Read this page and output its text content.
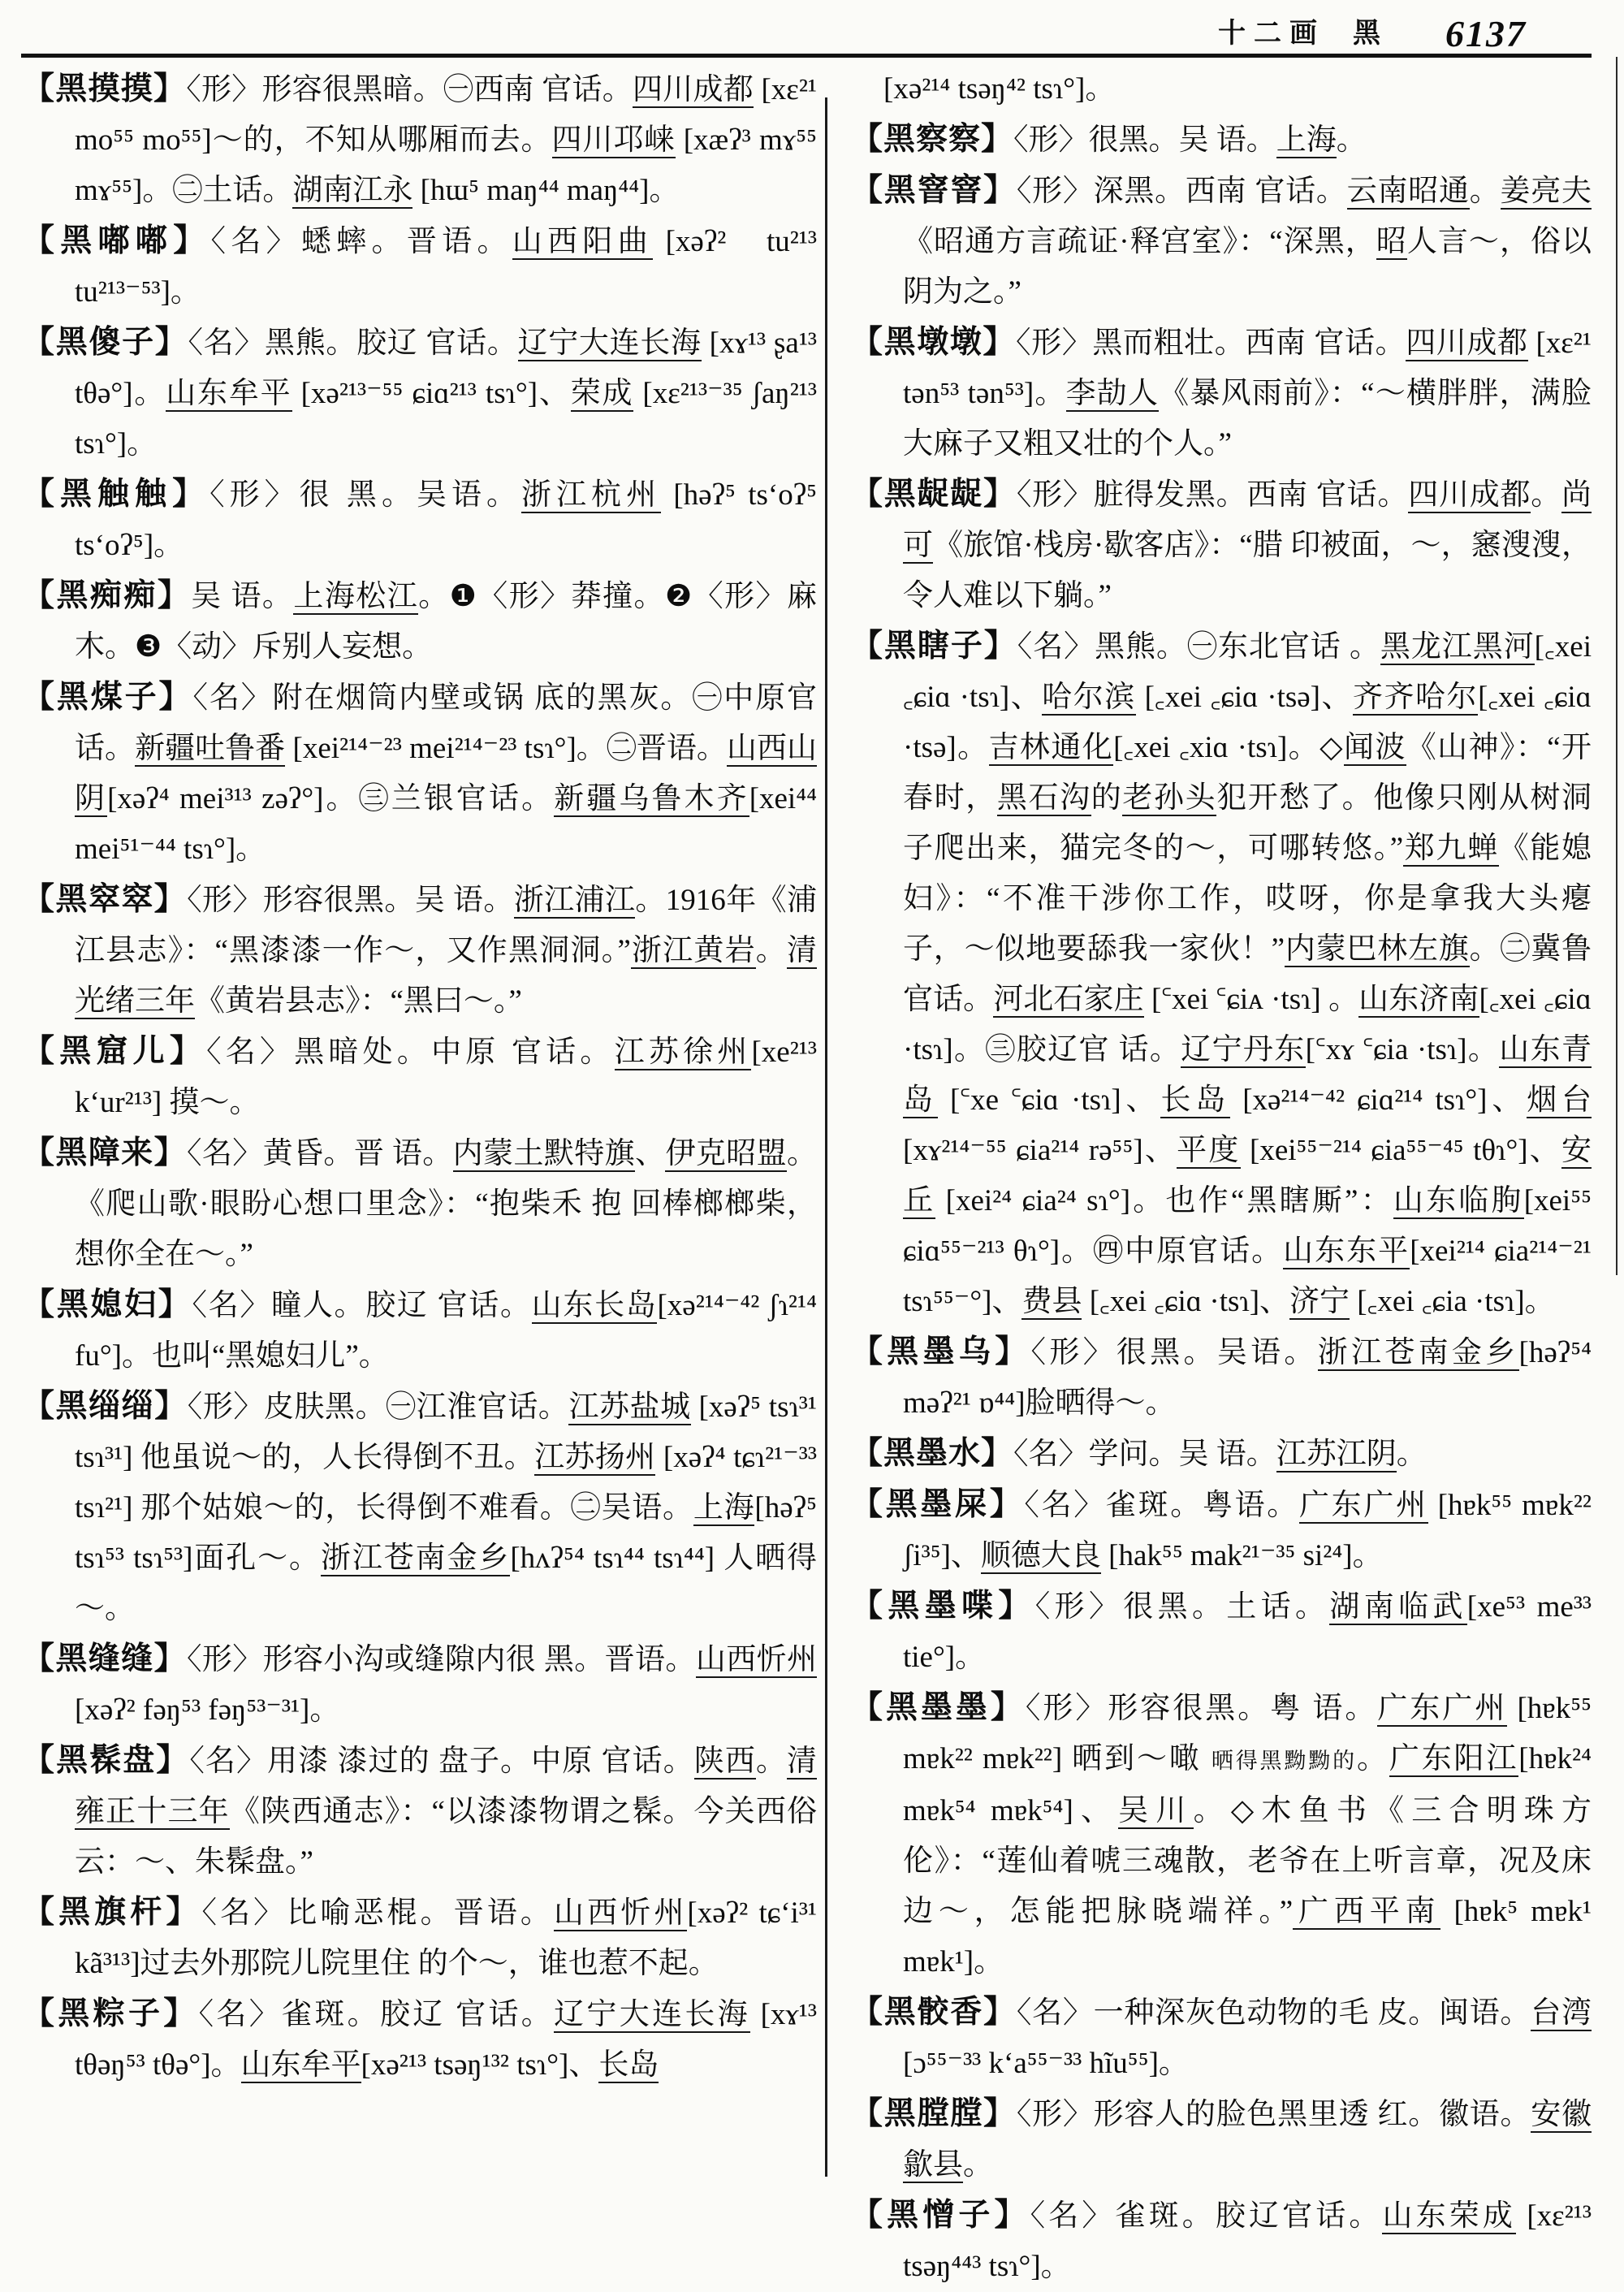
十二画 黑 6137

【黑摸摸】〈形〉形容很黑暗。㊀西南 官话。四川成都 [xε²¹ mo⁵⁵ mo⁵⁵]～的，不知从哪厢而去。四川邛崃 [xæʔ³ mɤ⁵⁵ mɤ⁵⁵]。㊁土话。湖南江永 [hɯ⁵ maŋ⁴⁴ maŋ⁴⁴]。

【黑嘟嘟】〈名〉蟋蟀。晋语。山西阳曲 [xəʔ²　tu²¹³ tu²¹³⁻⁵³]。

【黑傻子】〈名〉黑熊。胶辽 官话。辽宁大连长海 [xɤ¹³ ʂa¹³ tθə°]。山东牟平 [xə²¹³⁻⁵⁵ ɕiɑ²¹³ tsɿ°]、荣成 [xε²¹³⁻³⁵ ʃaŋ²¹³ tsɿ°]。

【黑触触】〈形〉很 黑。吴语。浙江杭州 [həʔ⁵ tsʻoʔ⁵ tsʻoʔ⁵]。

【黑痴痴】吴 语。上海松江。❶〈形〉莽撞。❷〈形〉麻木。❸〈动〉斥别人妄想。

【黑煤子】〈名〉附在烟筒内壁或锅 底的黑灰。㊀中原官话。新疆吐鲁番 [xei²¹⁴⁻²³ mei²¹⁴⁻²³ tsɿ°]。㊁晋语。山西山阴[xəʔ⁴ mei³¹³ zəʔ°]。㊂兰银官话。新疆乌鲁木齐[xei⁴⁴ mei⁵¹⁻⁴⁴ tsɿ°]。

【黑窣窣】〈形〉形容很黑。吴 语。浙江浦江。1916年《浦江县志》：“黑漆漆一作～，又作黑洞洞。”浙江黄岩。清光绪三年《黄岩县志》：“黑曰～。”

【黑窟儿】〈名〉黑暗处。中原 官话。江苏徐州[xe²¹³ kʻur²¹³] 摸～。

【黑障来】〈名〉黄昏。晋 语。内蒙土默特旗、伊克昭盟。《爬山歌·眼盼心想口里念》：“抱柴禾 抱 回棒榔榔柴，想你全在～。”

【黑媳妇】〈名〉瞳人。胶辽 官话。山东长岛[xə²¹⁴⁻⁴² ʃɿ²¹⁴ fu°]。也叫“黑媳妇儿”。

【黑缁缁】〈形〉皮肤黑。㊀江淮官话。江苏盐城 [xəʔ⁵ tsɿ³¹ tsɿ³¹] 他虽说～的，人长得倒不丑。江苏扬州 [xəʔ⁴ tɕɿ²¹⁻³³ tsɿ²¹] 那个姑娘～的，长得倒不难看。㊁吴语。上海[həʔ⁵ tsɿ⁵³ tsɿ⁵³]面孔～。浙江苍南金乡[hʌʔ⁵⁴ tsɿ⁴⁴ tsɿ⁴⁴] 人晒得～。

【黑缝缝】〈形〉形容小沟或缝隙内很 黑。晋语。山西忻州 [xəʔ² fəŋ⁵³ fəŋ⁵³⁻³¹]。

【黑髹盘】〈名〉用漆 漆过的 盘子。中原 官话。陕西。清雍正十三年《陕西通志》：“以漆漆物谓之髹。今关西俗云：～、朱髹盘。”

【黑旗杆】〈名〉比喻恶棍。晋语。山西忻州[xəʔ² tɕʻi³¹ kã³¹³]过去外那院儿院里住 的个～，谁也惹不起。

【黑粽子】〈名〉雀斑。胶辽 官话。辽宁大连长海 [xɤ¹³ tθəŋ⁵³ tθə°]。山东牟平[xə²¹³ tsəŋ¹³² tsɿ°]、长岛

[xə²¹⁴ tsəŋ⁴² tsɿ°]。

【黑察察】〈形〉很黑。吴 语。上海。

【黑窨窨】〈形〉深黑。西南 官话。云南昭通。姜亮夫《昭通方言疏证·释宫室》：“深黑，昭人言～，俗以阴为之。”

【黑墩墩】〈形〉黑而粗壮。西南 官话。四川成都 [xε²¹ tən⁵³ tən⁵³]。李劼人《暴风雨前》：“～横胖胖，满脸大麻子又粗又壮的个人。”

【黑龊龊】〈形〉脏得发黑。西南 官话。四川成都。尚可《旅馆·栈房·歇客店》：“腊 印被面，～，窸溲溲，令人难以下躺。”

【黑瞎子】〈名〉黑熊。㊀东北官话 。黑龙江黑河[꜀xei ꜀ɕiɑ ·tsɿ]、哈尔滨 [꜀xei ꜀ɕiɑ ·tsə]、齐齐哈尔[꜀xei ꜀ɕiɑ ·tsə]。吉林通化[꜀xei ꜀xiɑ ·tsɿ]。◇闻波《山神》：“开春时，黑石沟的老孙头犯开愁了。他像只刚从树洞子爬出来，猫完冬的～，可哪转悠。”郑九蝉《能媳妇》：“不准干涉你工作，哎呀，你是拿我大头瘪子，～似地要舔我一家伙！”内蒙巴林左旗。㊁冀鲁官话。河北石家庄 [꜂xei ꜂ɕiᴀ ·tsɿ] 。山东济南[꜀xei ꜀ɕiɑ ·tsɿ]。㊂胶辽官 话。辽宁丹东[꜂xɤ ꜂ɕia ·tsɿ]。山东青岛 [꜂xe ꜂ɕiɑ ·tsɿ]、长岛 [xə²¹⁴⁻⁴² ɕiɑ²¹⁴ tsɿ°]、烟台 [xɤ²¹⁴⁻⁵⁵ ɕia²¹⁴ rə⁵⁵]、平度 [xei⁵⁵⁻²¹⁴ ɕia⁵⁵⁻⁴⁵ tθɿ°]、安丘 [xei²⁴ ɕia²⁴ sɿ°]。也作“黑瞎厮”：山东临朐[xei⁵⁵ ɕiɑ⁵⁵⁻²¹³ θɿ°]。㊃中原官话。山东东平[xei²¹⁴ ɕia²¹⁴⁻²¹ tsɿ⁵⁵⁻°]、费县 [꜀xei ꜀ɕiɑ ·tsɿ]、济宁 [꜀xei ꜀ɕia ·tsɿ]。

【黑墨乌】〈形〉很黑。吴语。浙江苍南金乡[həʔ⁵⁴ məʔ²¹ ɒ⁴⁴]脸晒得～。

【黑墨水】〈名〉学问。吴 语。江苏江阴。

【黑墨屎】〈名〉雀斑。粤语。广东广州 [hɐk⁵⁵ mɐk²² ʃi³⁵]、顺德大良 [hak⁵⁵ mak²¹⁻³⁵ si²⁴]。

【黑墨喋】〈形〉很黑。土话。湖南临武[xe⁵³ me³³ tie°]。

【黑墨墨】〈形〉形容很黑。粤 语。广东广州 [hɐk⁵⁵ mɐk²² mɐk²²] 晒到～噉 晒得黑黝黝的。广东阳江[hɐk²⁴ mɐk⁵⁴ mɐk⁵⁴]、吴川。◇木鱼书《三合明珠方伦》：“莲仙着唬三魂散，老爷在上听言章，况及床边～，怎能把脉晓端祥。”广西平南 [hɐk⁵ mɐk¹ mɐk¹]。

【黑骹香】〈名〉一种深灰色动物的毛 皮。闽语。台湾 [ɔ⁵⁵⁻³³ kʻa⁵⁵⁻³³ hĩu⁵⁵]。

【黑膛膛】〈形〉形容人的脸色黑里透 红。徽语。安徽歙县。

【黑憎子】〈名〉雀斑。胶辽官话。山东荣成 [xε²¹³ tsəŋ⁴⁴³ tsɿ°]。
